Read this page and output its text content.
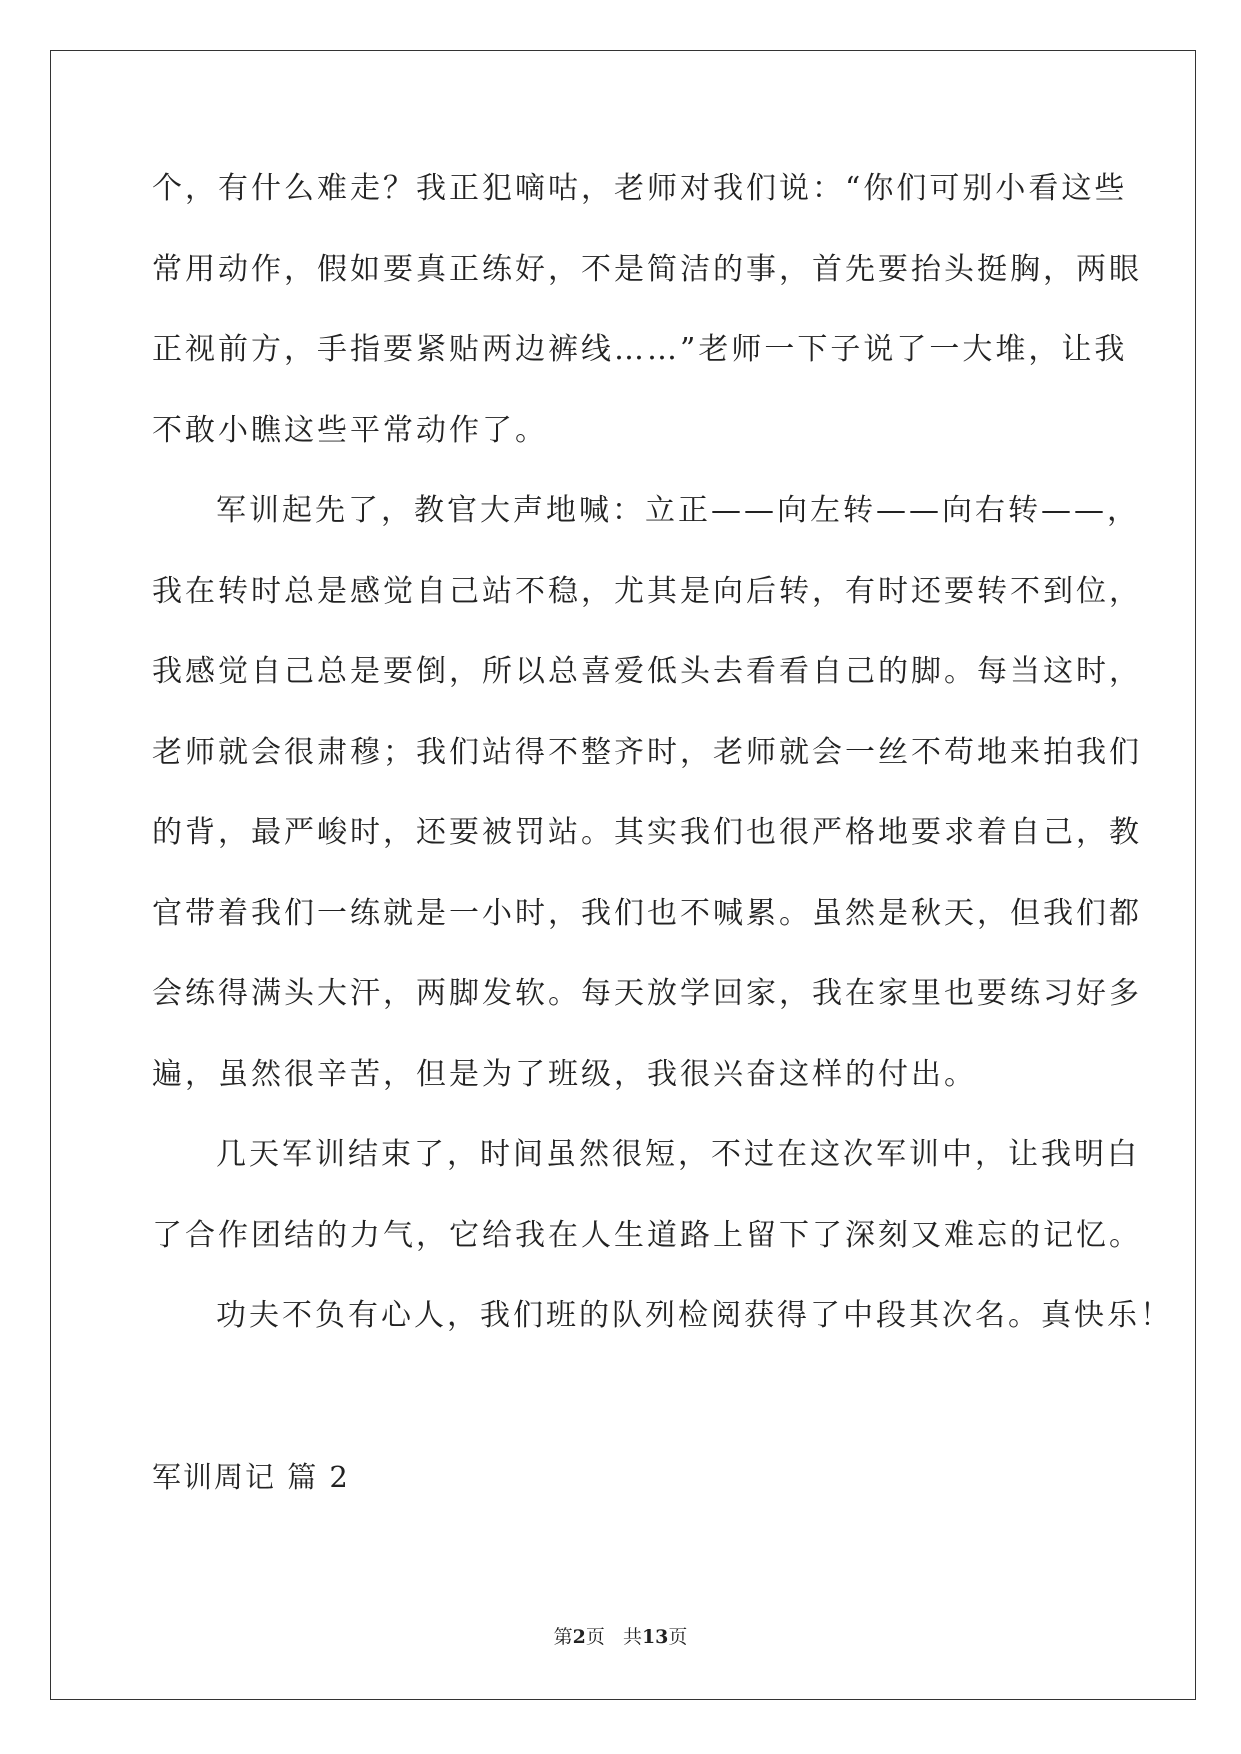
个，有什么难走？我正犯嘀咕，老师对我们说：“你们可别小看这些
常用动作，假如要真正练好，不是简洁的事，首先要抬头挺胸，两眼
正视前方，手指要紧贴两边裤线……”老师一下子说了一大堆，让我
不敢小瞧这些平常动作了。
军训起先了，教官大声地喊：立正——向左转——向右转——，
我在转时总是感觉自己站不稳，尤其是向后转，有时还要转不到位，
我感觉自己总是要倒，所以总喜爱低头去看看自己的脚。每当这时，
老师就会很肃穆；我们站得不整齐时，老师就会一丝不苟地来拍我们
的背，最严峻时，还要被罚站。其实我们也很严格地要求着自己，教
官带着我们一练就是一小时，我们也不喊累。虽然是秋天，但我们都
会练得满头大汗，两脚发软。每天放学回家，我在家里也要练习好多
遍，虽然很辛苦，但是为了班级，我很兴奋这样的付出。
几天军训结束了，时间虽然很短，不过在这次军训中，让我明白
了合作团结的力气，它给我在人生道路上留下了深刻又难忘的记忆。
功夫不负有心人，我们班的队列检阅获得了中段其次名。真快乐！
军训周记 篇 2
第2页   共13页
